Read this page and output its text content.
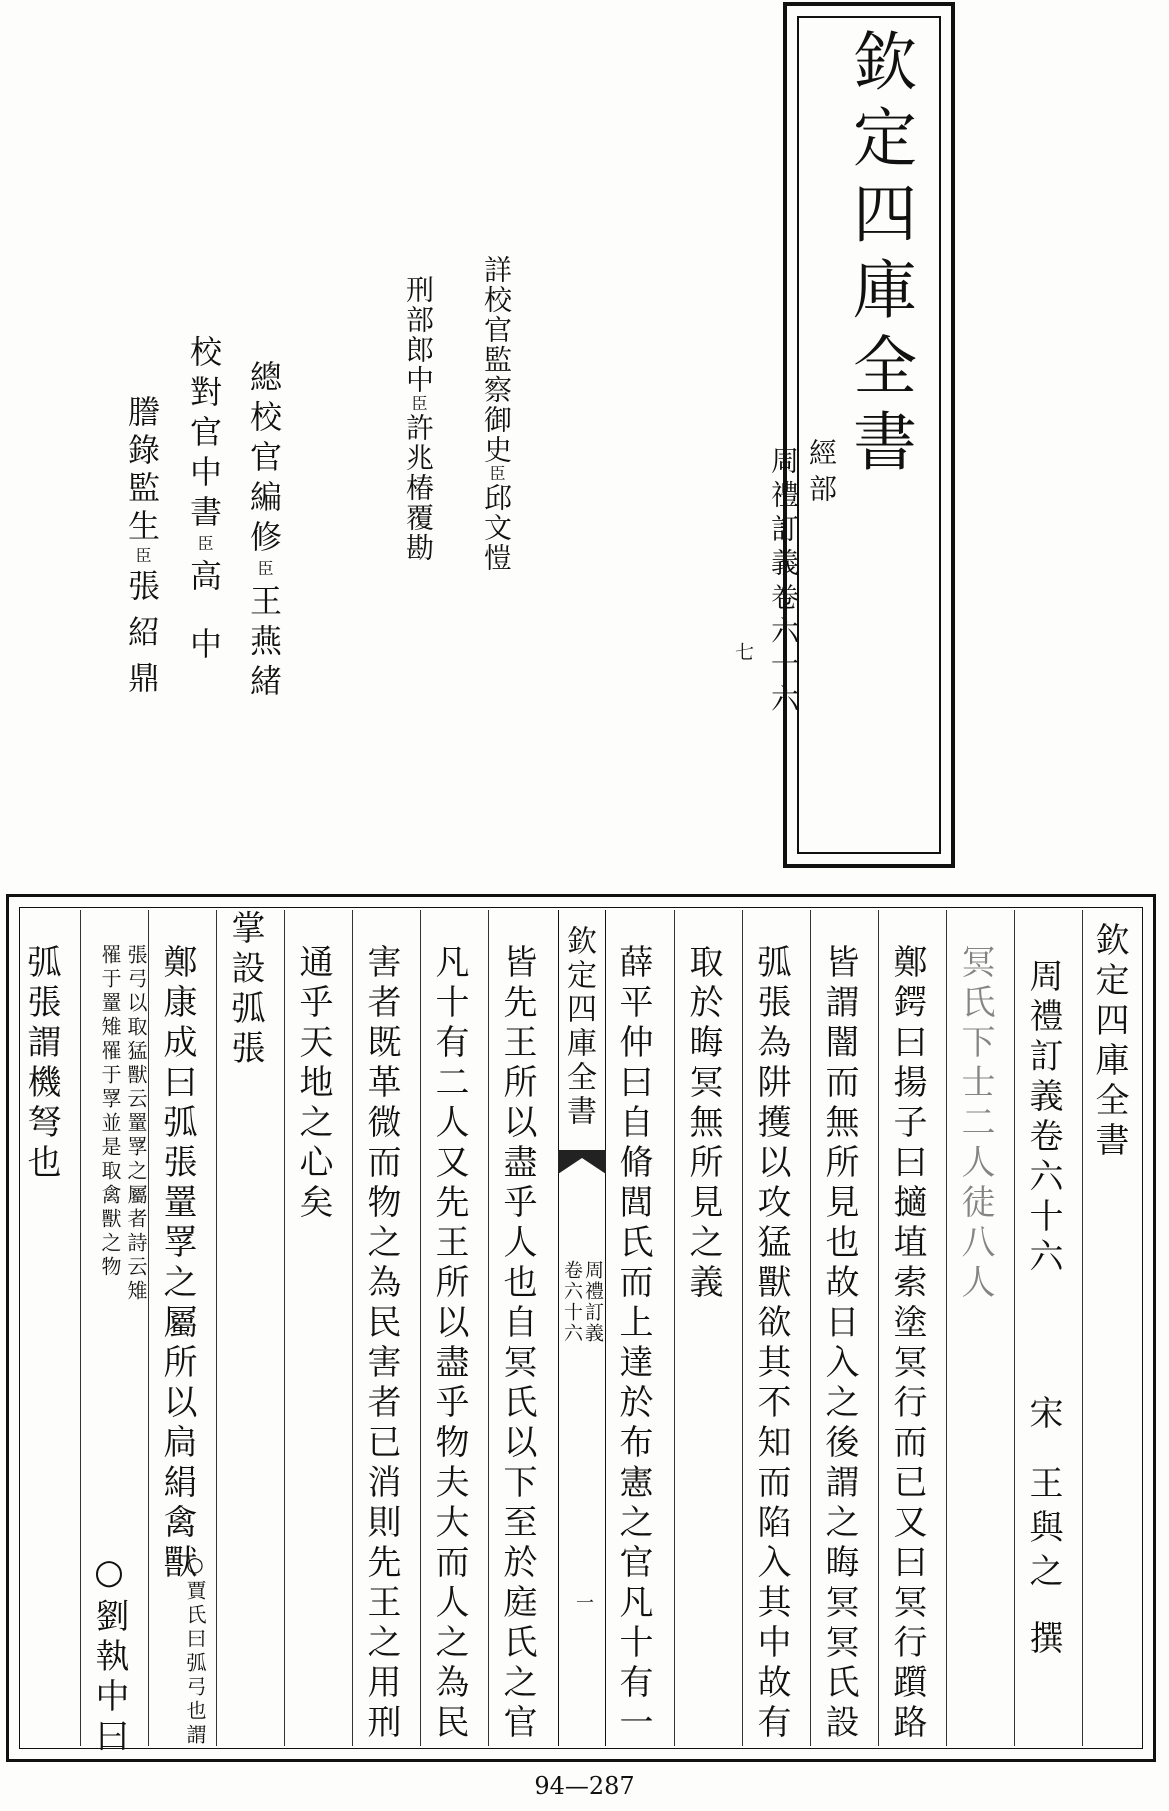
欽定四庫全書
經部
周禮訂義卷六十六
七
詳校官監察御史臣邱文愷
刑部郎中臣許兆椿覆勘
總校官編修臣王燕緒
校對官中書臣高中
謄錄監生臣張紹鼎
欽定四庫全書
周禮訂義
卷六十六
一
欽定四庫全書
周禮訂義卷六十六
宋
王與之
撰
冥氏下士二人徒八人
鄭鍔曰揚子曰擿埴索塗冥行而已又曰冥行躓路
皆謂闇而無所見也故日入之後謂之晦冥冥氏設
弧張為阱擭以攻猛獸欲其不知而陷入其中故有
取於晦冥無所見之義
薛平仲曰自脩閭氏而上達於布憲之官凡十有一
皆先王所以盡乎人也自冥氏以下至於庭氏之官
凡十有二人又先王所以盡乎物夫大而人之為民
害者既革微而物之為民害者已消則先王之用刑
通乎天地之心矣
掌設弧張
鄭康成曰弧張罿罦之屬所以扃絹禽獸
○賈氏曰弧弓也謂
張弓以取猛獸云罿罦之屬者詩云雉
罹于罿雉罹于罦並是取禽獸之物
○
劉執中曰
弧張謂機弩也
94—287
